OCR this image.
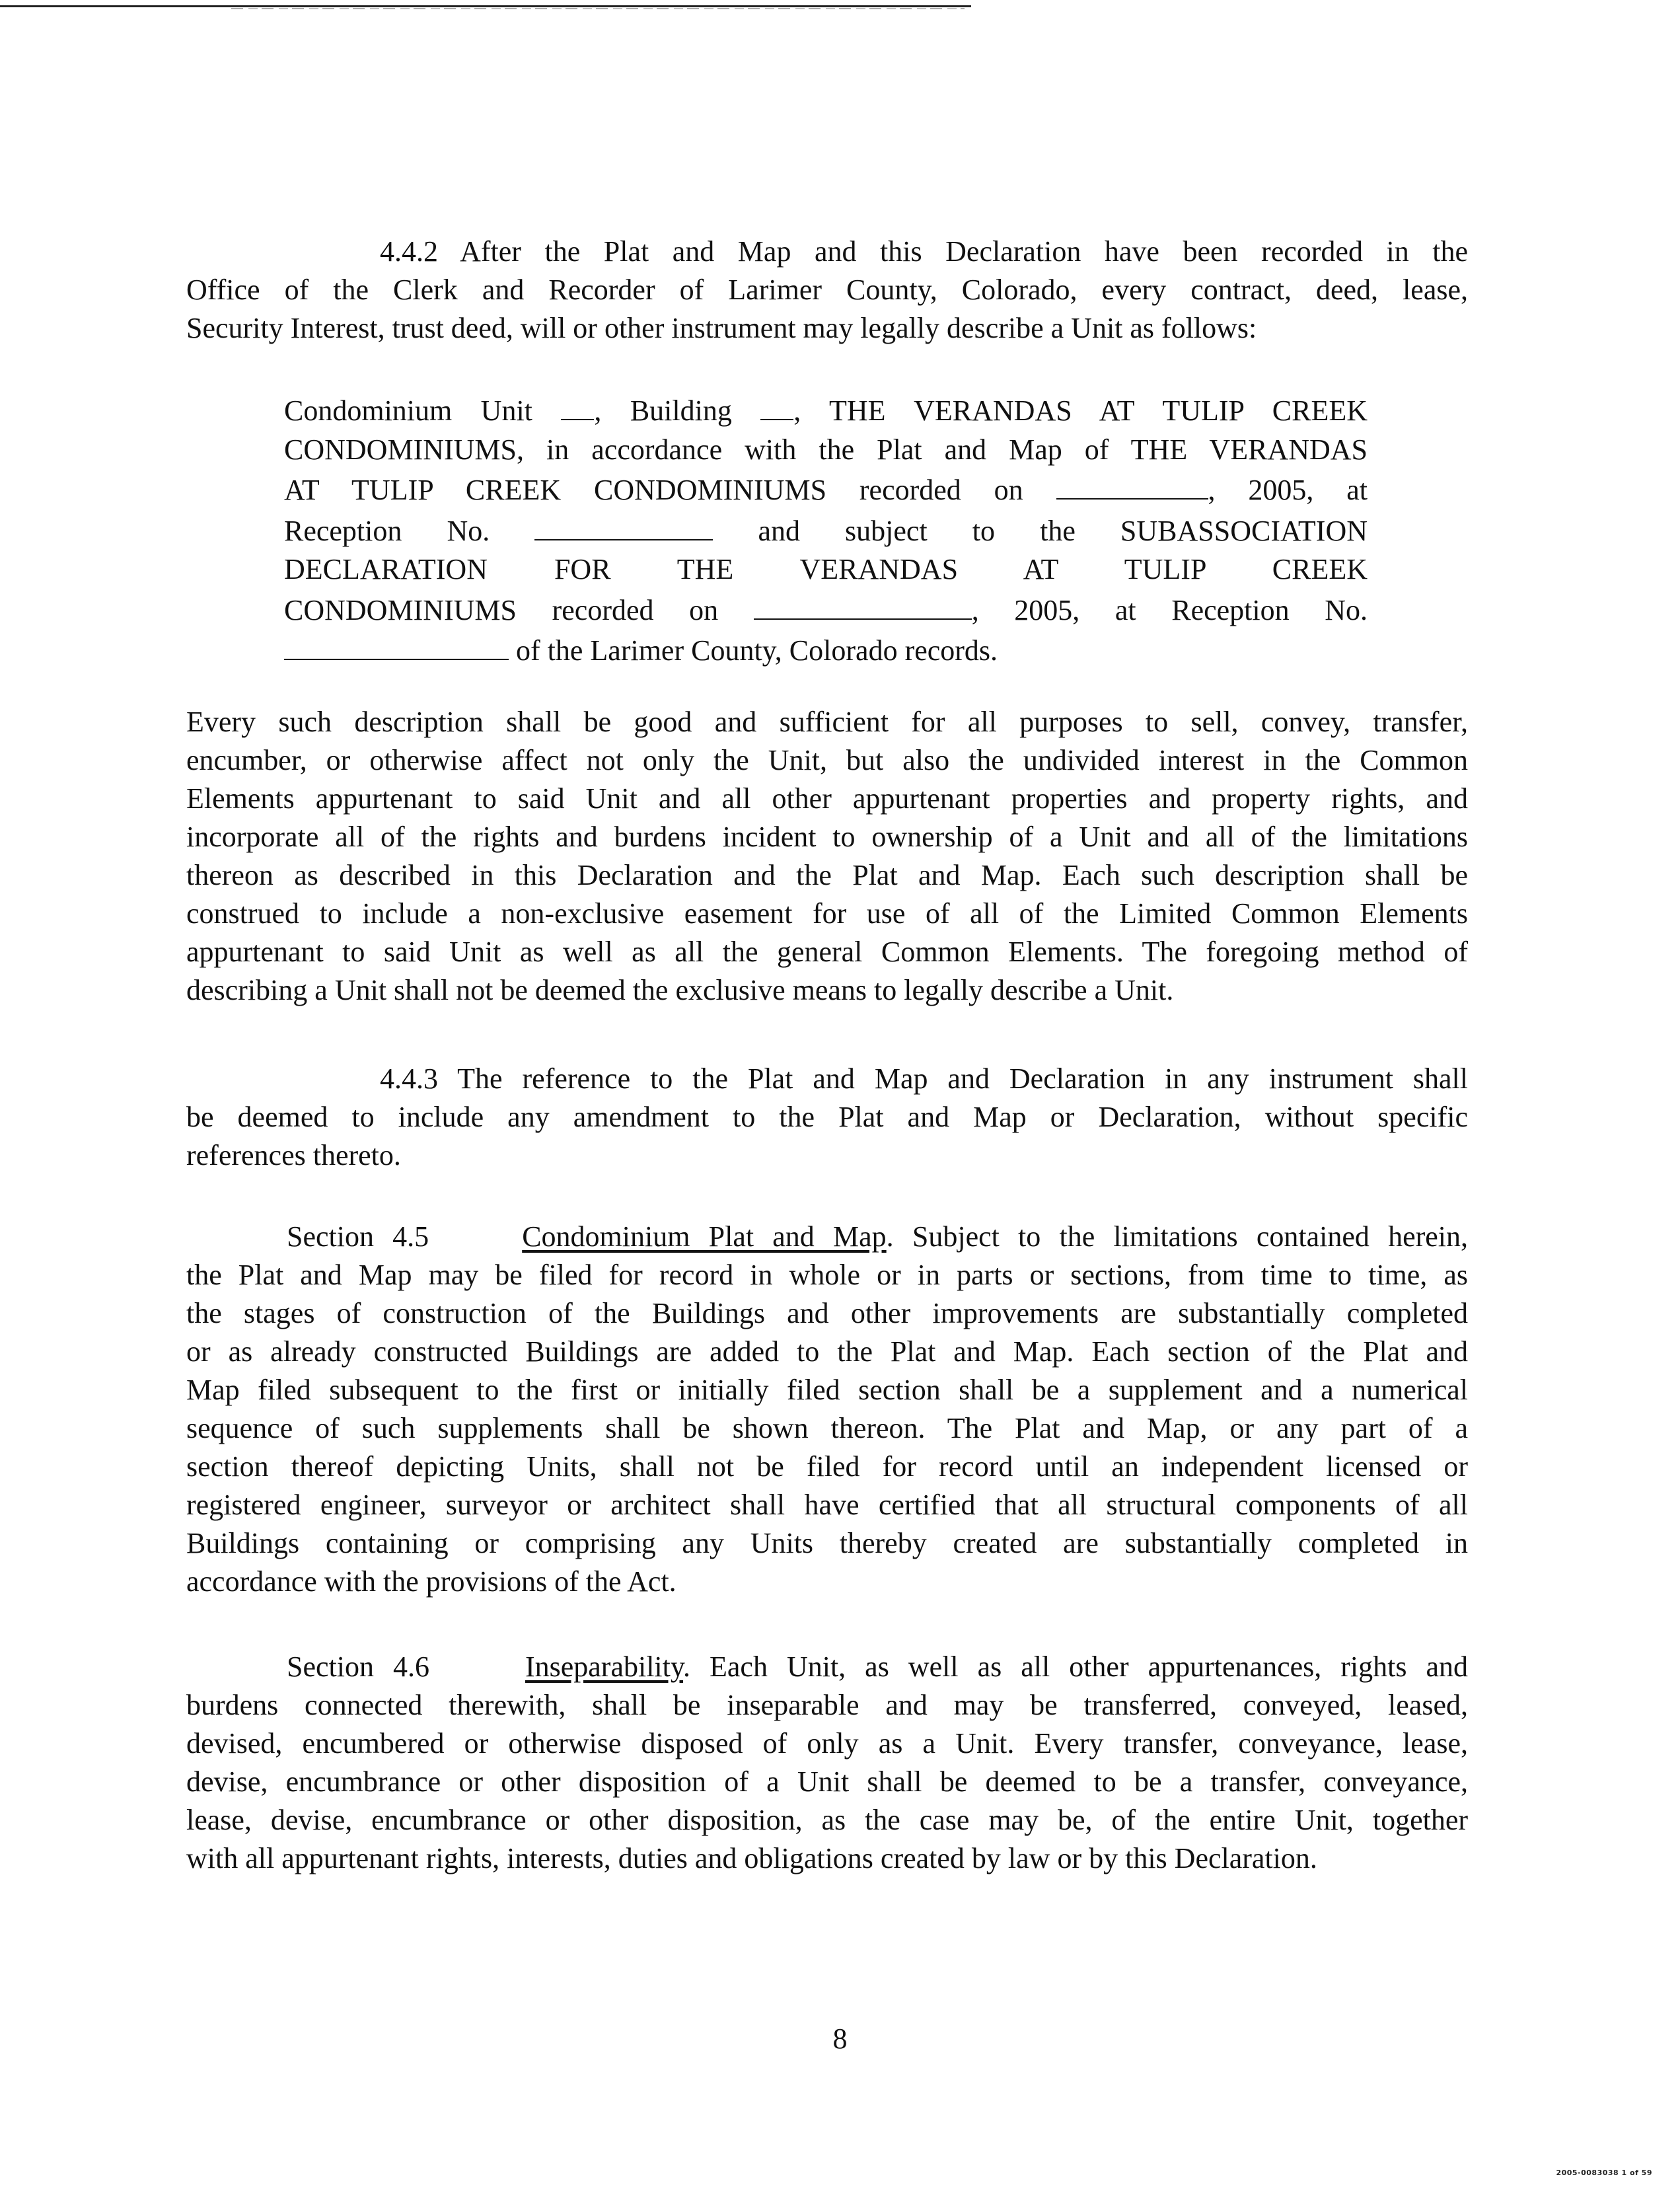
4.4.2 After the Plat and Map and this Declaration have been recorded in the
Office of the Clerk and Recorder of Larimer County, Colorado, every contract, deed, lease,
Security Interest, trust deed, will or other instrument may legally describe a Unit as follows:

Condominium Unit , Building , THE VERANDAS AT TULIP CREEK
CONDOMINIUMS, in accordance with the Plat and Map of THE VERANDAS
AT TULIP CREEK CONDOMINIUMS recorded on	, 2005, at
Reception No.	and subject to the SUBASSOCIATION
DECLARATION FOR THE VERANDAS AT TULIP CREEK
CONDOMINIUMS recorded on	, 2005, at Reception No.
of the Larimer County, Colorado records.

Every such description shall be good and sufficient for all purposes to sell, convey, transfer,
encumber, or otherwise affect not only the Unit, but also the undivided interest in the Common
Elements appurtenant to said Unit and all other appurtenant properties and property rights, and
incorporate all of the rights and burdens incident to ownership of a Unit and all of the limitations
thereon as described in this Declaration and the Plat and Map. Each such description shall be
construed to include a non-exclusive easement for use of all of the Limited Common Elements
appurtenant to said Unit as well as all the general Common Elements. The foregoing method of
describing a Unit shall not be deemed the exclusive means to legally describe a Unit.

4.4.3 The reference to the Plat and Map and Declaration in any instrument shall
be deemed to include any amendment to the Plat and Map or Declaration, without specific
references thereto.

Section 4.5	Condominium Plat and Map. Subject to the limitations contained herein,
the Plat and Map may be filed for record in whole or in parts or sections, from time to time, as
the stages of construction of the Buildings and other improvements are substantially completed
or as already constructed Buildings are added to the Plat and Map. Each section of the Plat and
Map filed subsequent to the first or initially filed section shall be a supplement and a numerical
sequence of such supplements shall be shown thereon. The Plat and Map, or any part of a
section thereof depicting Units, shall not be filed for record until an independent licensed or
registered engineer, surveyor or architect shall have certified that all structural components of all
Buildings containing or comprising any Units thereby created are substantially completed in
accordance with the provisions of the Act.

Section 4.6	Inseparability. Each Unit, as well as all other appurtenances, rights and
burdens connected therewith, shall be inseparable and may be transferred, conveyed, leased,
devised, encumbered or otherwise disposed of only as a Unit. Every transfer, conveyance, lease,
devise, encumbrance or other disposition of a Unit shall be deemed to be a transfer, conveyance,
lease, devise, encumbrance or other disposition, as the case may be, of the entire Unit, together
with all appurtenant rights, interests, duties and obligations created by law or by this Declaration.

8
2005-0083038 1 of 59
